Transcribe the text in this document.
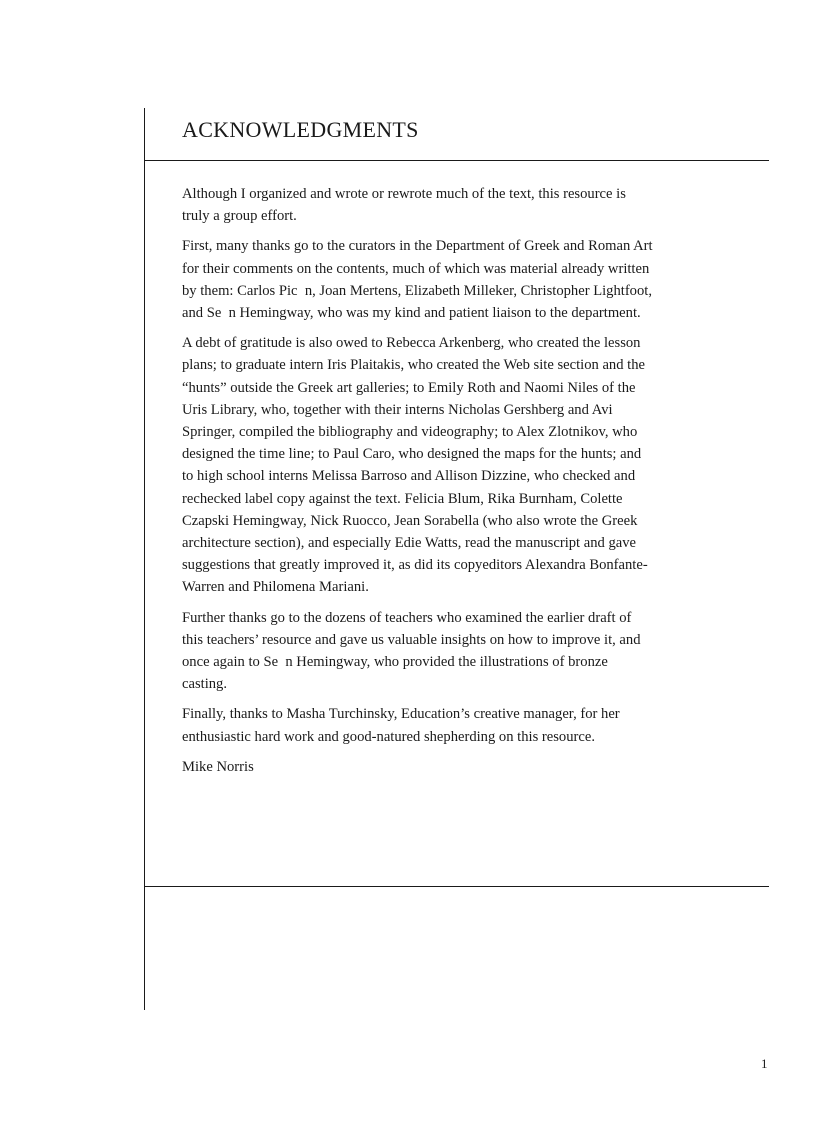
ACKNOWLEDGMENTS

Although I organized and wrote or rewrote much of the text, this resource is truly a group effort.

First, many thanks go to the curators in the Department of Greek and Roman Art for their comments on the contents, much of which was material already written by them: Carlos Pic  n, Joan Mertens, Elizabeth Milleker, Christopher Lightfoot, and Se  n Hemingway, who was my kind and patient liaison to the department.

A debt of gratitude is also owed to Rebecca Arkenberg, who created the lesson plans; to graduate intern Iris Plaitakis, who created the Web site section and the “hunts” outside the Greek art galleries; to Emily Roth and Naomi Niles of the Uris Library, who, together with their interns Nicholas Gershberg and Avi Springer, compiled the bibliography and videography; to Alex Zlotnikov, who designed the time line; to Paul Caro, who designed the maps for the hunts; and to high school interns Melissa Barroso and Allison Dizzine, who checked and rechecked label copy against the text. Felicia Blum, Rika Burnham, Colette Czapski Hemingway, Nick Ruocco, Jean Sorabella (who also wrote the Greek architecture section), and especially Edie Watts, read the manuscript and gave suggestions that greatly improved it, as did its copyeditors Alexandra Bonfante-Warren and Philomena Mariani.

Further thanks go to the dozens of teachers who examined the earlier draft of this teachers’ resource and gave us valuable insights on how to improve it, and once again to Se  n Hemingway, who provided the illustrations of bronze casting.

Finally, thanks to Masha Turchinsky, Education’s creative manager, for her enthusiastic hard work and good-natured shepherding on this resource.

Mike Norris

1
